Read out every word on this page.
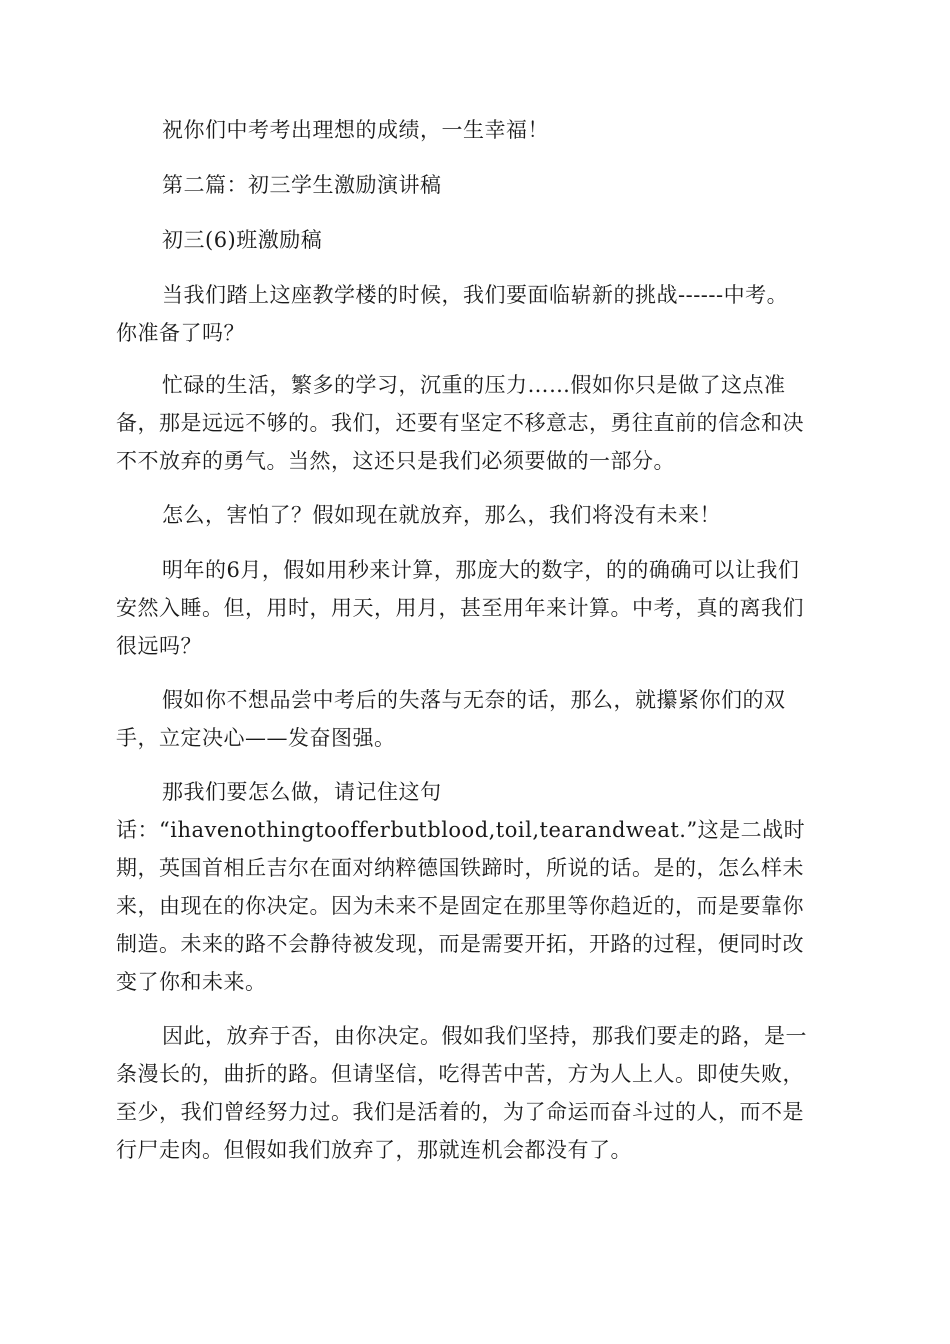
祝你们中考考出理想的成绩，一生幸福！

第二篇：初三学生激励演讲稿

初三(6)班激励稿

当我们踏上这座教学楼的时候，我们要面临崭新的挑战------中考。
你准备了吗？

忙碌的生活，繁多的学习，沉重的压力……假如你只是做了这点准
备，那是远远不够的。我们，还要有坚定不移意志，勇往直前的信念和决
不不放弃的勇气。当然，这还只是我们必须要做的一部分。

怎么，害怕了？假如现在就放弃，那么，我们将没有未来！

明年的6月，假如用秒来计算，那庞大的数字，的的确确可以让我们
安然入睡。但，用时，用天，用月，甚至用年来计算。中考，真的离我们
很远吗？

假如你不想品尝中考后的失落与无奈的话，那么，就攥紧你们的双
手，立定决心——发奋图强。

那我们要怎么做，请记住这句
话：“ihavenothingtoofferbutblood,toil,tearandweat.”这是二战时
期，英国首相丘吉尔在面对纳粹德国铁蹄时，所说的话。是的，怎么样未
来，由现在的你决定。因为未来不是固定在那里等你趋近的，而是要靠你
制造。未来的路不会静待被发现，而是需要开拓，开路的过程，便同时改
变了你和未来。

因此，放弃于否，由你决定。假如我们坚持，那我们要走的路，是一
条漫长的，曲折的路。但请坚信，吃得苦中苦，方为人上人。即使失败，
至少，我们曾经努力过。我们是活着的，为了命运而奋斗过的人，而不是
行尸走肉。但假如我们放弃了，那就连机会都没有了。
